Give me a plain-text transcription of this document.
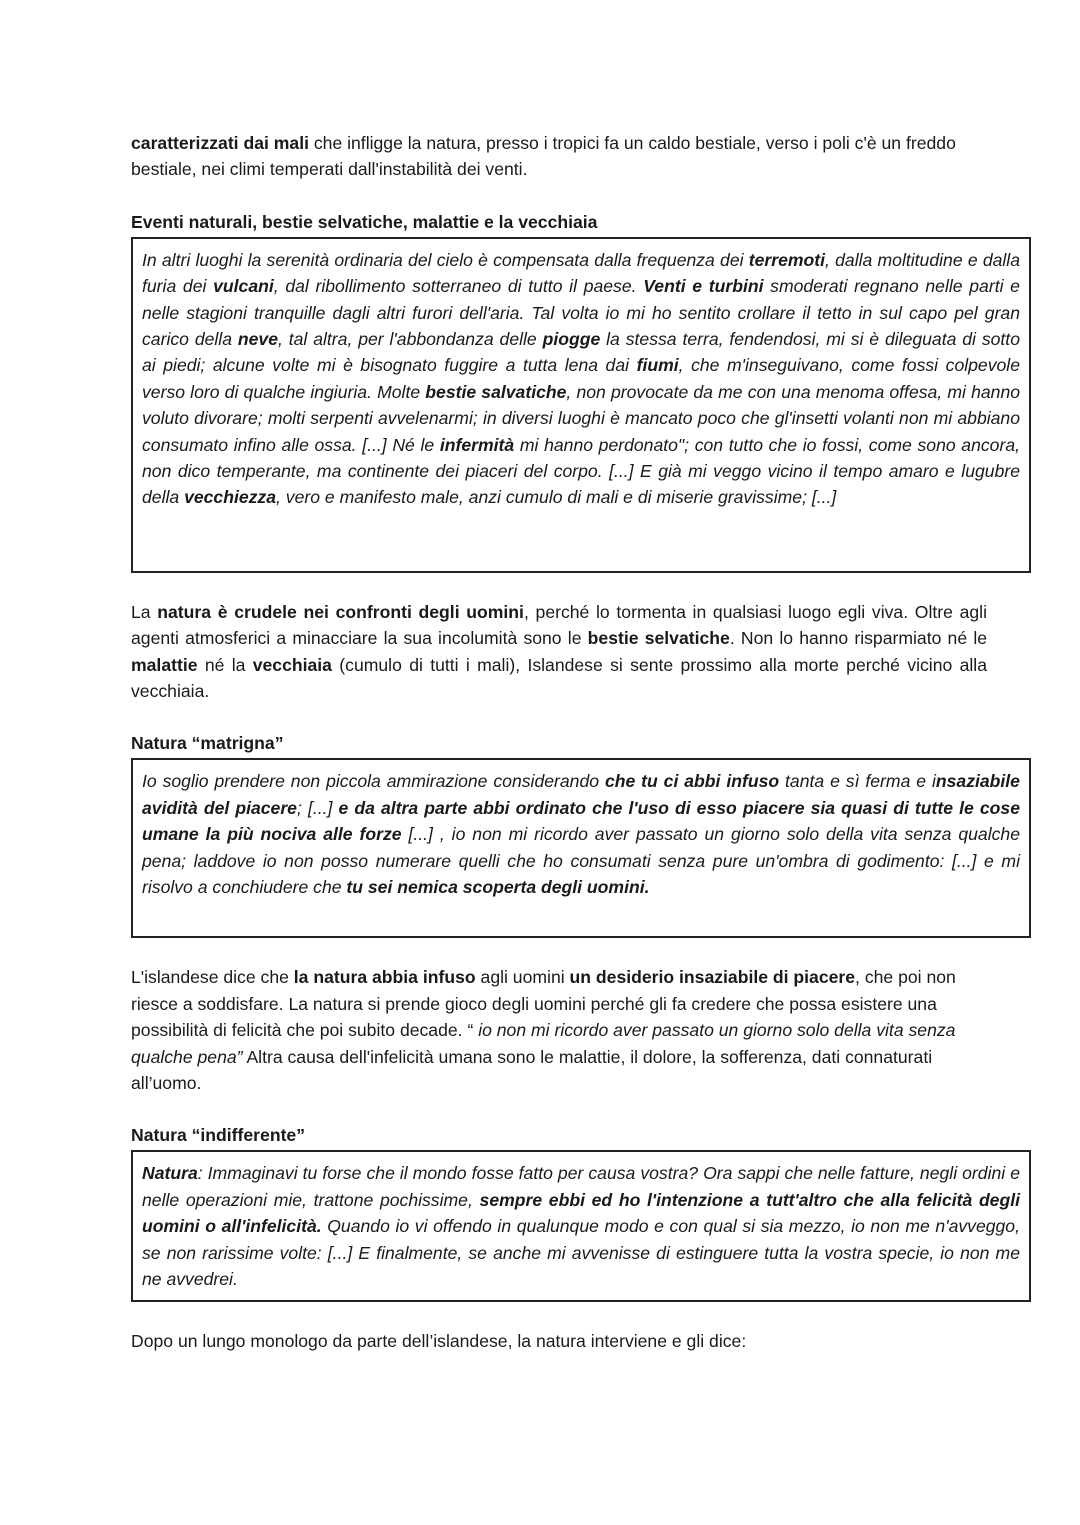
caratterizzati dai mali che infligge la natura, presso i tropici fa un caldo bestiale, verso i poli c'è un freddo bestiale, nei climi temperati dall'instabilità dei venti.

Eventi naturali, bestie selvatiche, malattie e la vecchiaia

In altri luoghi la serenità ordinaria del cielo è compensata dalla frequenza dei terremoti, dalla moltitudine e dalla furia dei vulcani, dal ribollimento sotterraneo di tutto il paese. Venti e turbini smoderati regnano nelle parti e nelle stagioni tranquille dagli altri furori dell'aria. Tal volta io mi ho sentito crollare il tetto in sul capo pel gran carico della neve, tal altra, per l'abbondanza delle piogge la stessa terra, fendendosi, mi si è dileguata di sotto ai piedi; alcune volte mi è bisognato fuggire a tutta lena dai fiumi, che m'inseguivano, come fossi colpevole verso loro di qualche ingiuria. Molte bestie salvatiche, non provocate da me con una menoma offesa, mi hanno voluto divorare; molti serpenti avvelenarmi; in diversi luoghi è mancato poco che gl'insetti volanti non mi abbiano consumato infino alle ossa. [...] Né le infermità mi hanno perdonato"; con tutto che io fossi, come sono ancora, non dico temperante, ma continente dei piaceri del corpo. [...] E già mi veggo vicino il tempo amaro e lugubre della vecchiezza, vero e manifesto male, anzi cumulo di mali e di miserie gravissime; [...]

La natura è crudele nei confronti degli uomini, perché lo tormenta in qualsiasi luogo egli viva. Oltre agli agenti atmosferici a minacciare la sua incolumità sono le bestie selvatiche. Non lo hanno risparmiato né le malattie né la vecchiaia (cumulo di tutti i mali), Islandese si sente prossimo alla morte perché vicino alla vecchiaia.

Natura “matrigna”

Io soglio prendere non piccola ammirazione considerando che tu ci abbi infuso tanta e sì ferma e insaziabile avidità del piacere; [...] e da altra parte abbi ordinato che l'uso di esso piacere sia quasi di tutte le cose umane la più nociva alle forze [...] , io non mi ricordo aver passato un giorno solo della vita senza qualche pena; laddove io non posso numerare quelli che ho consumati senza pure un'ombra di godimento: [...] e mi risolvo a conchiudere che tu sei nemica scoperta degli uomini.

L'islandese dice che la natura abbia infuso agli uomini un desiderio insaziabile di piacere, che poi non riesce a soddisfare. La natura si prende gioco degli uomini perché gli fa credere che possa esistere una possibilità di felicità che poi subito decade. “ io non mi ricordo aver passato un giorno solo della vita senza qualche pena” Altra causa dell'infelicità umana sono le malattie, il dolore, la sofferenza, dati connaturati all’uomo.

Natura “indifferente”

Natura: Immaginavi tu forse che il mondo fosse fatto per causa vostra? Ora sappi che nelle fatture, negli ordini e nelle operazioni mie, trattone pochissime, sempre ebbi ed ho l'intenzione a tutt'altro che alla felicità degli uomini o all'infelicità. Quando io vi offendo in qualunque modo e con qual si sia mezzo, io non me n'avveggo, se non rarissime volte: [...] E finalmente, se anche mi avvenisse di estinguere tutta la vostra specie, io non me ne avvedrei.

Dopo un lungo monologo da parte dell’islandese, la natura interviene e gli dice:
